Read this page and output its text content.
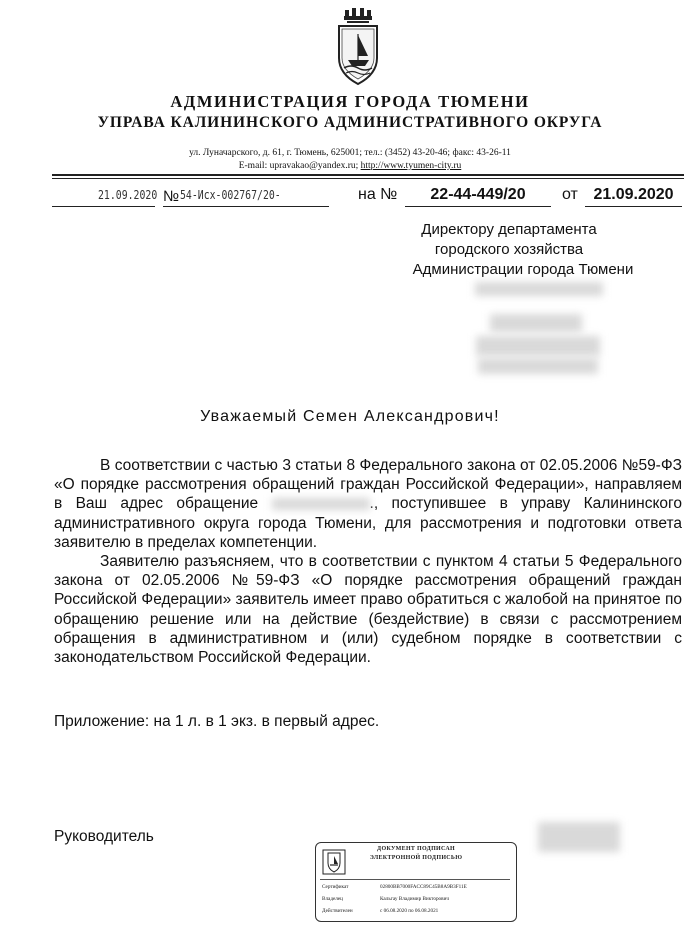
АДМИНИСТРАЦИЯ ГОРОДА ТЮМЕНИ
УПРАВА КАЛИНИНСКОГО АДМИНИСТРАТИВНОГО ОКРУГА
ул. Луначарского, д. 61, г. Тюмень, 625001; тел.: (3452) 43-20-46; факс: 43-26-11
E-mail: upravakao@yandex.ru; http://www.tyumen-city.ru
21.09.2020 № 54-Исх-002767/20-	на №	22-44-449/20	от 21.09.2020
Директору департамента
городского хозяйства
Администрации города Тюмени
Уважаемый Семен Александрович!
В соответствии с частью 3 статьи 8 Федерального закона от 02.05.2006 №59-ФЗ «О порядке рассмотрения обращений граждан Российской Федерации», направляем в Ваш адрес обращение	., поступившее в управу Калининского административного округа города Тюмени, для рассмотрения и подготовки ответа заявителю в пределах компетенции.
Заявителю разъясняем, что в соответствии с пунктом 4 статьи 5 Федерального закона от 02.05.2006 №59-ФЗ «О порядке рассмотрения обращений граждан Российской Федерации» заявитель имеет право обратиться с жалобой на принятое по обращению решение или на действие (бездействие) в связи с рассмотрением обращения в административном и (или) судебном порядке в соответствии с законодательством Российской Федерации.
Приложение: на 1 л. в 1 экз. в первый адрес.
Руководитель
ДОКУМЕНТ ПОДПИСАН
ЭЛЕКТРОННОЙ ПОДПИСЬЮ
Сертификат	02800BB7000FACC89C45B8A9B3F11E
Владелец	Кальгау Владимир Викторович
Действителен	с 06.08.2020 по 06.08.2021
